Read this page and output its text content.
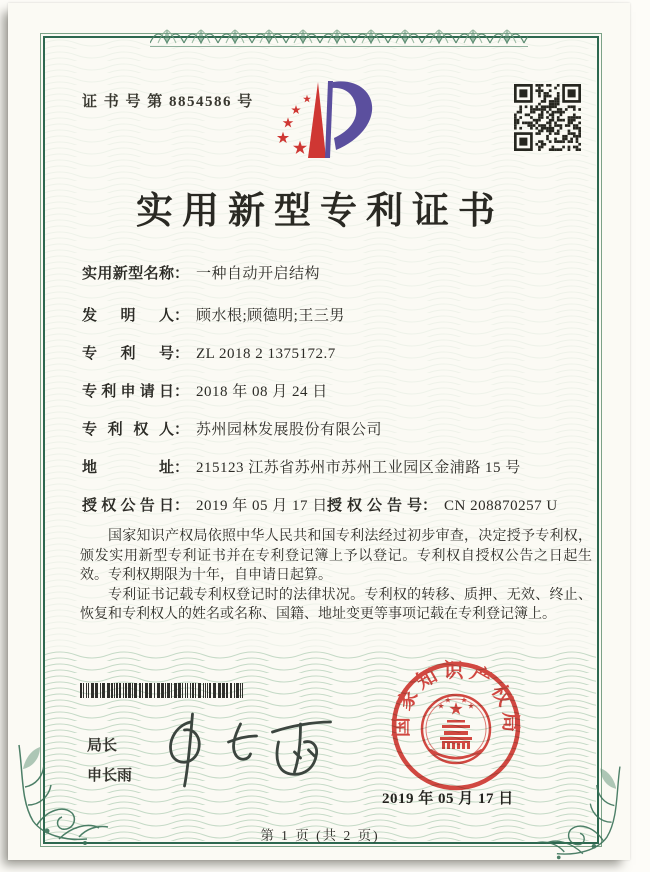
证 书 号 第 8854586 号
实用新型专利证书
实用新型名称 ： 一种自动开启结构
发明人 ： 顾水根;顾德明;王三男
专利号 ： ZL 2018 2 1375172.7
专利申请日 ： 2018 年 08 月 24 日
专利权人 ： 苏州园林发展股份有限公司
地址 ： 215123 江苏省苏州市苏州工业园区金浦路 15 号
授权公告日 ： 2019 年 05 月 17 日 授权公告号 ： CN 208870257 U

国家知识产权局依照中华人民共和国专利法经过初步审查，决定授予专利权，颁发实用新型专利证书并在专利登记簿上予以登记。专利权自授权公告之日起生效。专利权期限为十年，自申请日起算。

专利证书记载专利权登记时的法律状况。专利权的转移、质押、无效、终止、恢复和专利权人的姓名或名称、国籍、地址变更等事项记载在专利登记簿上。

局长
申长雨
国家知识产权局
2019 年 05 月 17 日
第 1 页 (共 2 页)
